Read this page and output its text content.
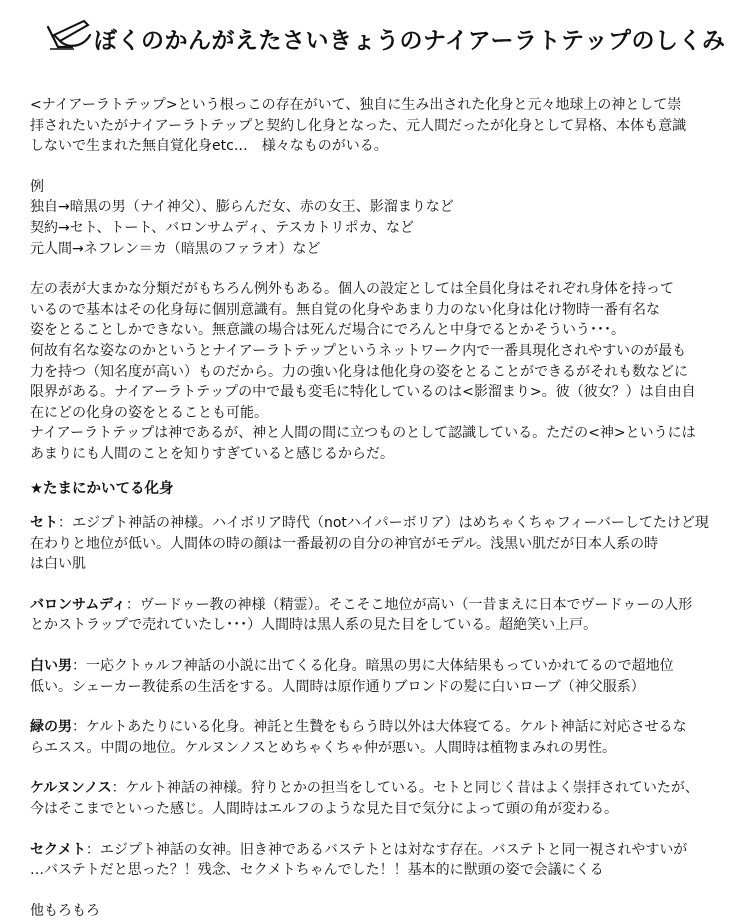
ぼくのかんがえたさいきょうのナイアーラトテップのしくみ
<ナイアーラトテップ>という根っこの存在がいて、独自に生み出された化身と元々地球上の神として崇
拝されたいたがナイアーラトテップと契約し化身となった、元人間だったが化身として昇格、本体も意識
しないで生まれた無自覚化身etc…　様々なものがいる。
例
独自→暗黒の男（ナイ神父）、膨らんだ女、赤の女王、影溜まりなど
契約→セト、トート、バロンサムディ、テスカトリポカ、など
元人間→ネフレン＝カ（暗黒のファラオ）など
左の表が大まかな分類だがもちろん例外もある。個人の設定としては全員化身はそれぞれ身体を持って
いるので基本はその化身毎に個別意識有。無自覚の化身やあまり力のない化身は化け物時一番有名な
姿をとることしかできない。無意識の場合は死んだ場合にでろんと中身でるとかそういう･･･。
何故有名な姿なのかというとナイアーラトテップというネットワーク内で一番具現化されやすいのが最も
力を持つ（知名度が高い）ものだから。力の強い化身は他化身の姿をとることができるがそれも数などに
限界がある。ナイアーラトテップの中で最も変毛に特化しているのは<影溜まり>。彼（彼女？）は自由自
在にどの化身の姿をとることも可能。
ナイアーラトテップは神であるが、神と人間の間に立つものとして認識している。ただの<神>というには
あまりにも人間のことを知りすぎていると感じるからだ。
★たまにかいてる化身
セト：エジプト神話の神様。ハイボリア時代（notハイパーボリア）はめちゃくちゃフィーバーしてたけど現
在わりと地位が低い。人間体の時の顔は一番最初の自分の神官がモデル。浅黒い肌だが日本人系の時
は白い肌
バロンサムディ：ヴードゥー教の神様（精霊）。そこそこ地位が高い（一昔まえに日本でヴードゥーの人形
とかストラップで売れていたし･･･）人間時は黒人系の見た目をしている。超絶笑い上戸。
白い男：一応クトゥルフ神話の小説に出てくる化身。暗黒の男に大体結果もっていかれてるので超地位
低い。シェーカー教徒系の生活をする。人間時は原作通りブロンドの髪に白いローブ（神父服系）
緑の男：ケルトあたりにいる化身。神託と生贄をもらう時以外は大体寝てる。ケルト神話に対応させるな
らエスス。中間の地位。ケルヌンノスとめちゃくちゃ仲が悪い。人間時は植物まみれの男性。
ケルヌンノス：ケルト神話の神様。狩りとかの担当をしている。セトと同じく昔はよく崇拝されていたが、
今はそこまでといった感じ。人間時はエルフのような見た目で気分によって頭の角が変わる。
セクメト：エジプト神話の女神。旧き神であるバステトとは対なす存在。バステトと同一視されやすいが
…バステトだと思った？！残念、セクメトちゃんでした！！基本的に獣頭の姿で会議にくる
他もろもろ
